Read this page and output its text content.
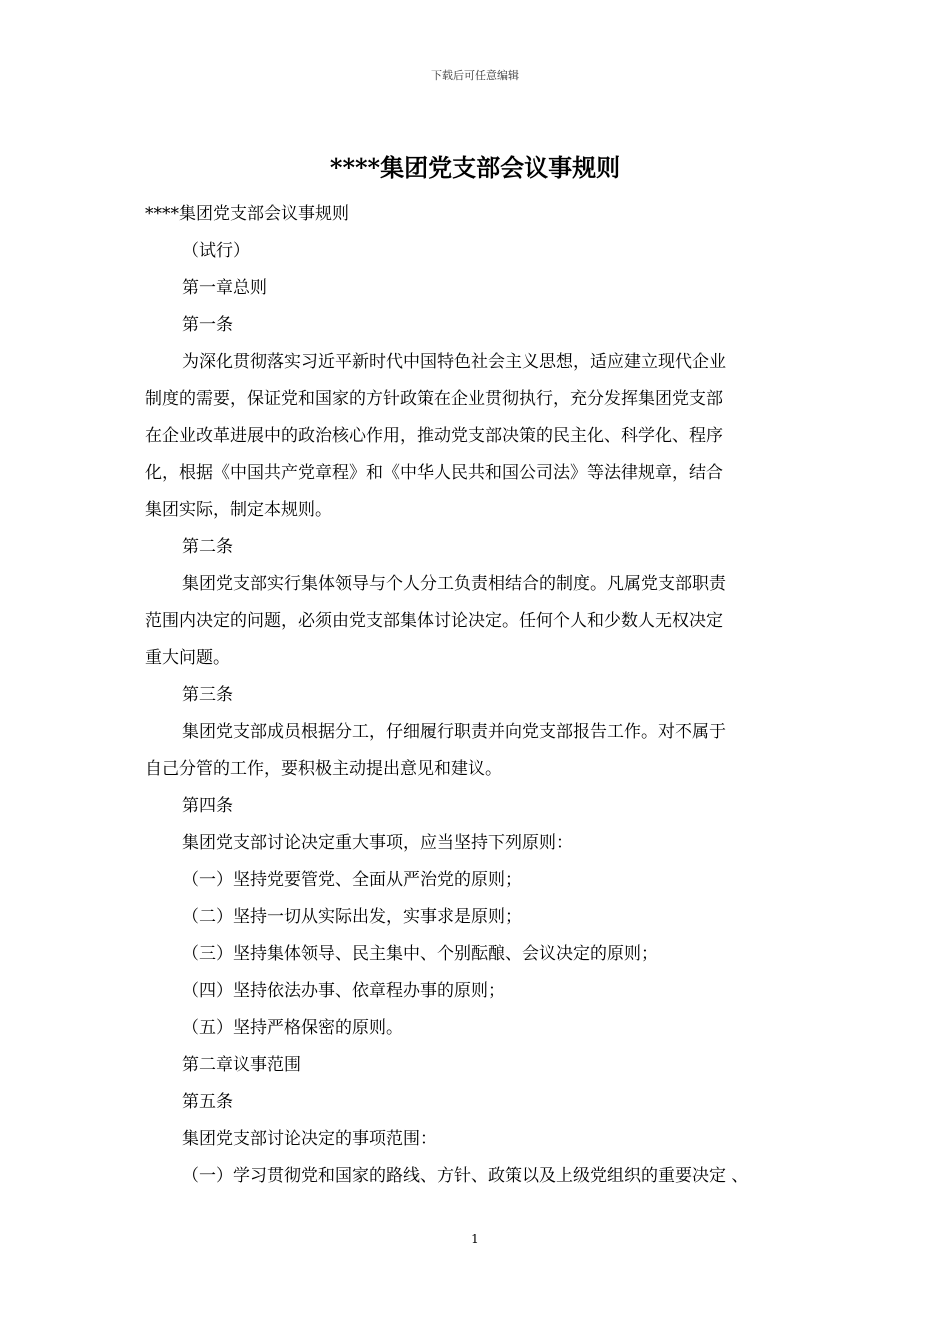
下载后可任意编辑
****集团党支部会议事规则
****集团党支部会议事规则
（试行）
第一章总则
第一条
为深化贯彻落实习近平新时代中国特色社会主义思想，适应建立现代企业
制度的需要，保证党和国家的方针政策在企业贯彻执行，充分发挥集团党支部
在企业改革进展中的政治核心作用，推动党支部决策的民主化、科学化、程序
化，根据《中国共产党章程》和《中华人民共和国公司法》等法律规章，结合
集团实际，制定本规则。
第二条
集团党支部实行集体领导与个人分工负责相结合的制度。凡属党支部职责
范围内决定的问题，必须由党支部集体讨论决定。任何个人和少数人无权决定
重大问题。
第三条
集团党支部成员根据分工，仔细履行职责并向党支部报告工作。对不属于
自己分管的工作，要积极主动提出意见和建议。
第四条
集团党支部讨论决定重大事项，应当坚持下列原则：
（一）坚持党要管党、全面从严治党的原则；
（二）坚持一切从实际出发，实事求是原则；
（三）坚持集体领导、民主集中、个别酝酿、会议决定的原则；
（四）坚持依法办事、依章程办事的原则；
（五）坚持严格保密的原则。
第二章议事范围
第五条
集团党支部讨论决定的事项范围：
（一）学习贯彻党和国家的路线、方针、政策以及上级党组织的重要决定 、
1
